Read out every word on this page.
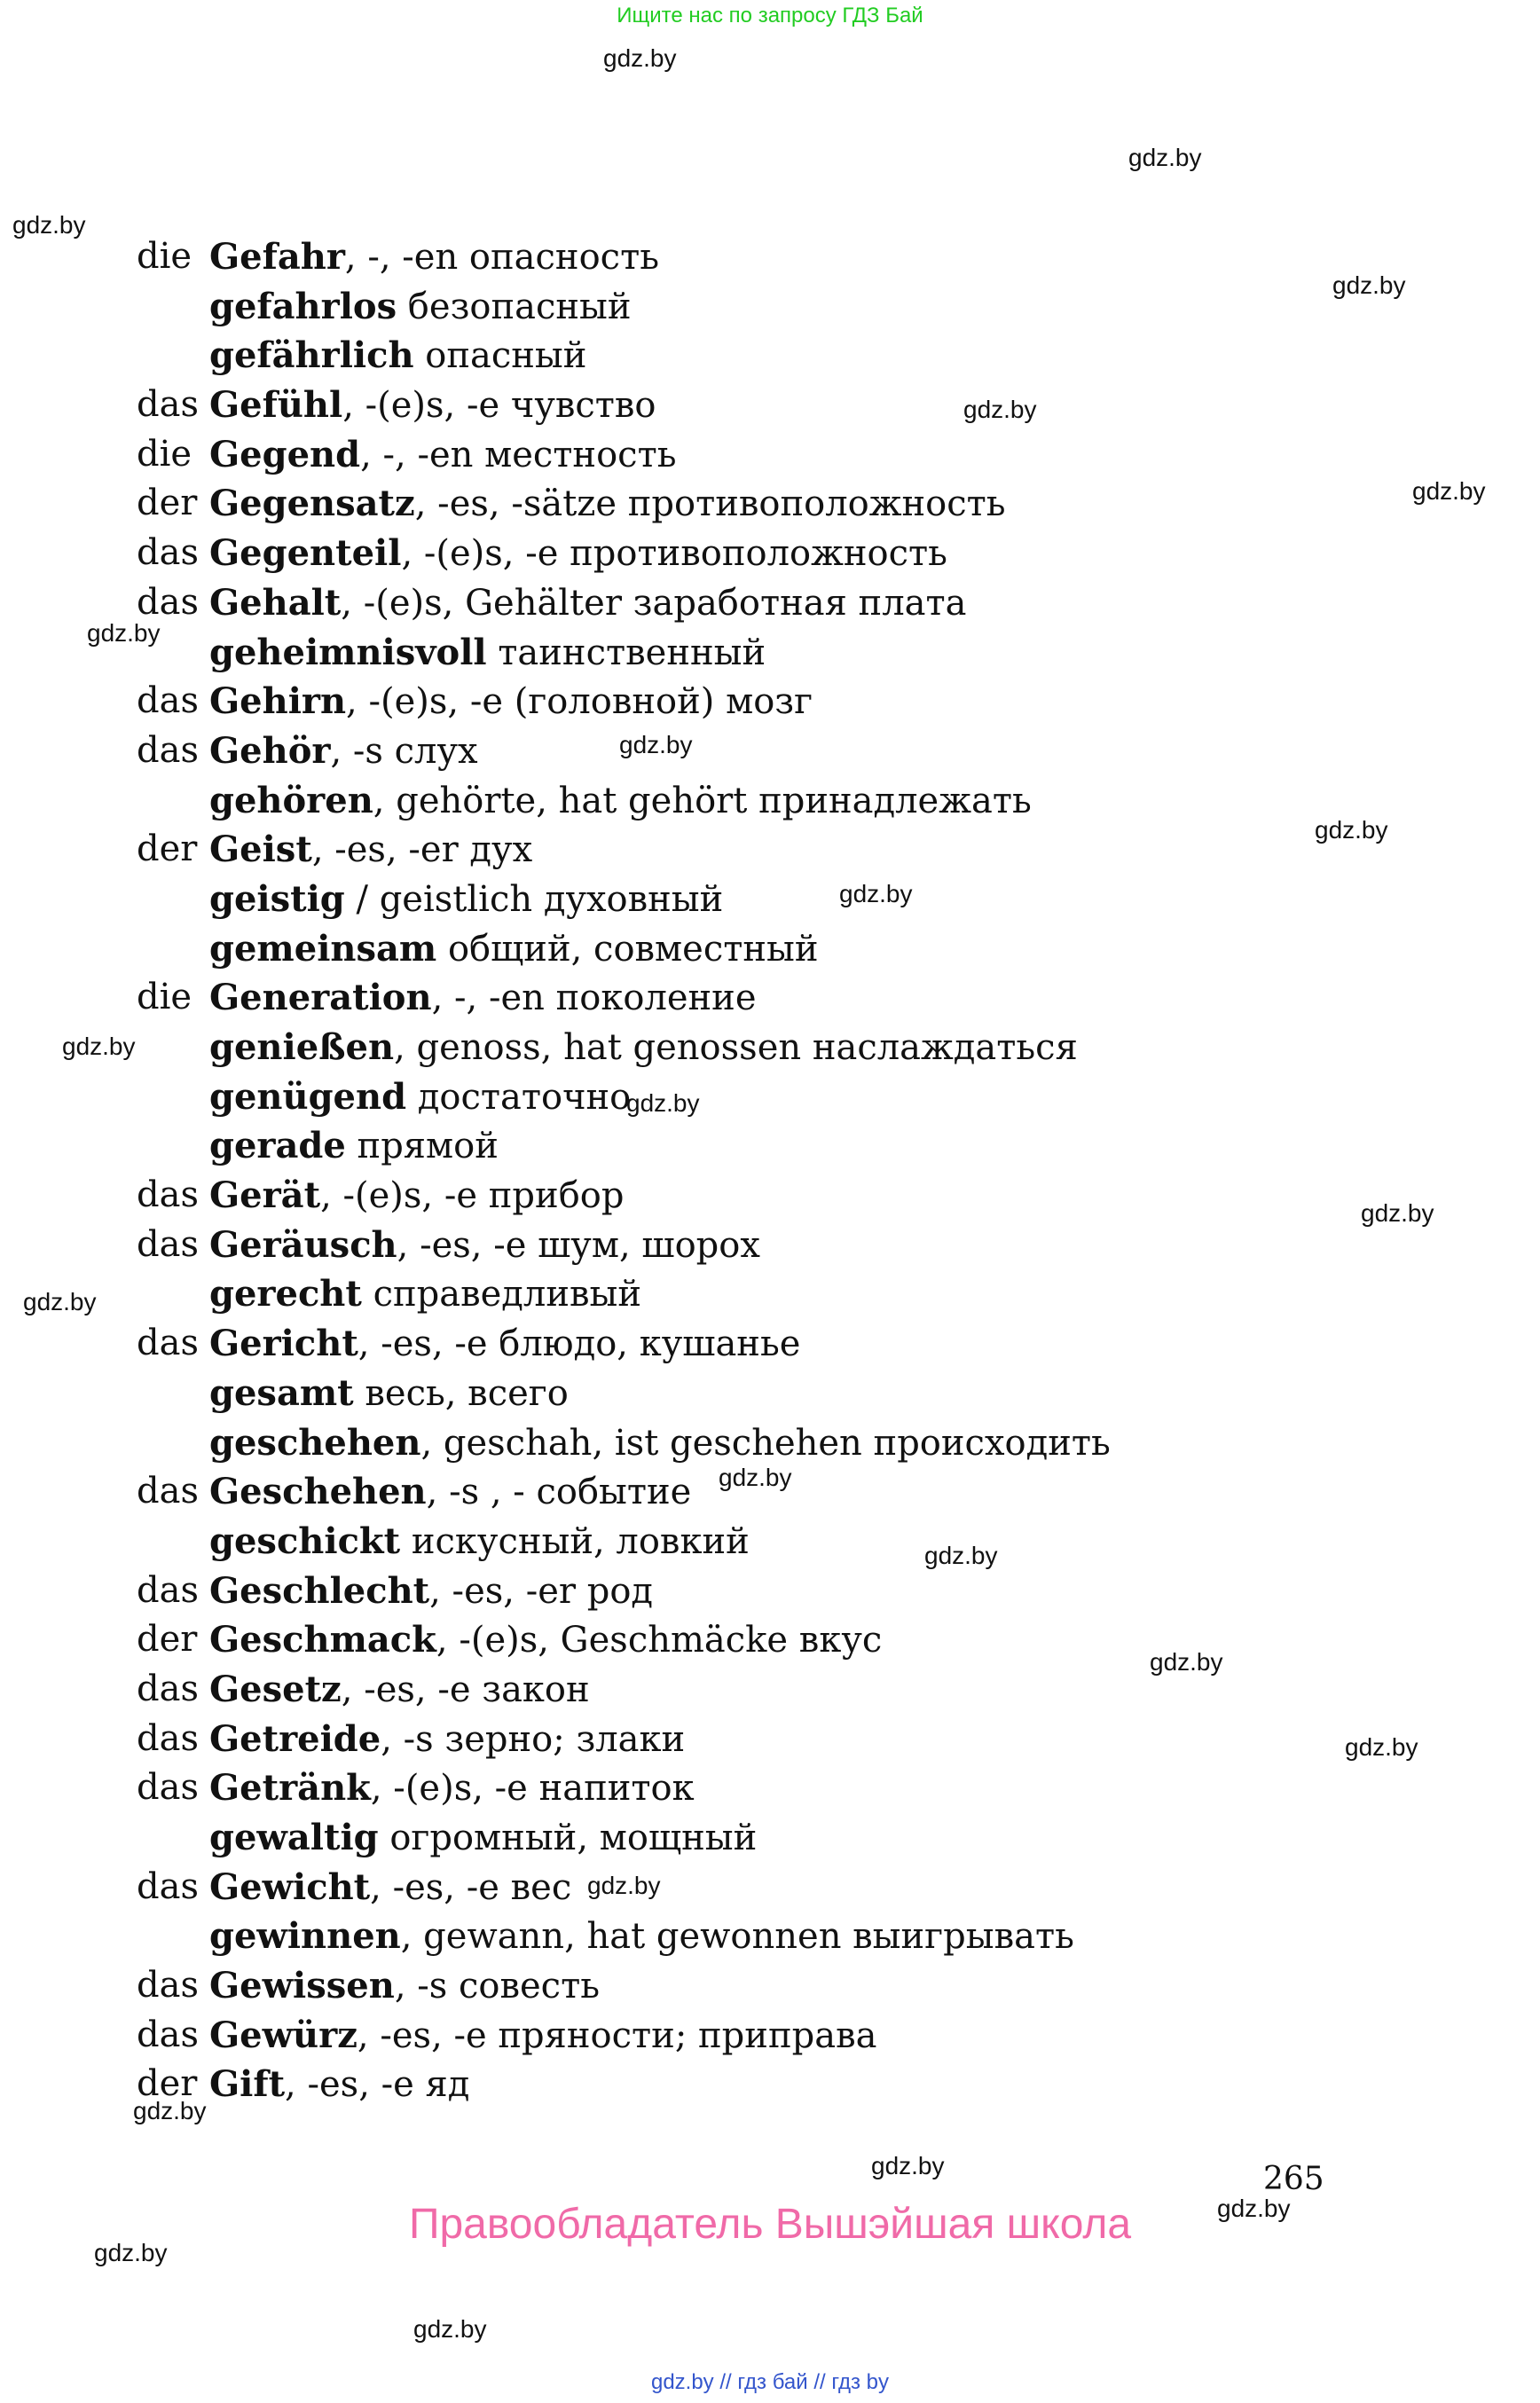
Ищите нас по запросу ГДЗ Бай
gdz.by
gdz.by
gdz.by
gdz.by
gdz.by
gdz.by
gdz.by
gdz.by
gdz.by
gdz.by
gdz.by
gdz.by
gdz.by
gdz.by
gdz.by
gdz.by
gdz.by
gdz.by
gdz.by
gdz.by
gdz.by
gdz.by
gdz.by
gdz.by
die Gefahr, -, -en опасность
gefahrlos безопасный
gefährlich опасный
das Gefühl, -(e)s, -e чувство
die Gegend, -, -en местность
der Gegensatz, -es, -sätze противоположность
das Gegenteil, -(e)s, -e противоположность
das Gehalt, -(e)s, Gehälter заработная плата
geheimnisvoll таинственный
das Gehirn, -(e)s, -e (головной) мозг
das Gehör, -s слух
gehören, gehörte, hat gehört принадлежать
der Geist, -es, -er дух
geistig / geistlich духовный
gemeinsam общий, совместный
die Generation, -, -en поколение
genießen, genoss, hat genossen наслаждаться
genügend достаточно
gerade прямой
das Gerät, -(e)s, -e прибор
das Geräusch, -es, -e шум, шорох
gerecht справедливый
das Gericht, -es, -e блюдо, кушанье
gesamt весь, всего
geschehen, geschah, ist geschehen происходить
das Geschehen, -s , - событие
geschickt искусный, ловкий
das Geschlecht, -es, -er род
der Geschmack, -(e)s, Geschmäcke вкус
das Gesetz, -es, -e закон
das Getreide, -s зерно; злаки
das Getränk, -(e)s, -e напиток
gewaltig огромный, мощный
das Gewicht, -es, -e вес
gewinnen, gewann, hat gewonnen выигрывать
das Gewissen, -s совесть
das Gewürz, -es, -e пряности; приправа
der Gift, -es, -e яд
265
Правообладатель Вышэйшая школа
gdz.by // гдз бай // гдз by
